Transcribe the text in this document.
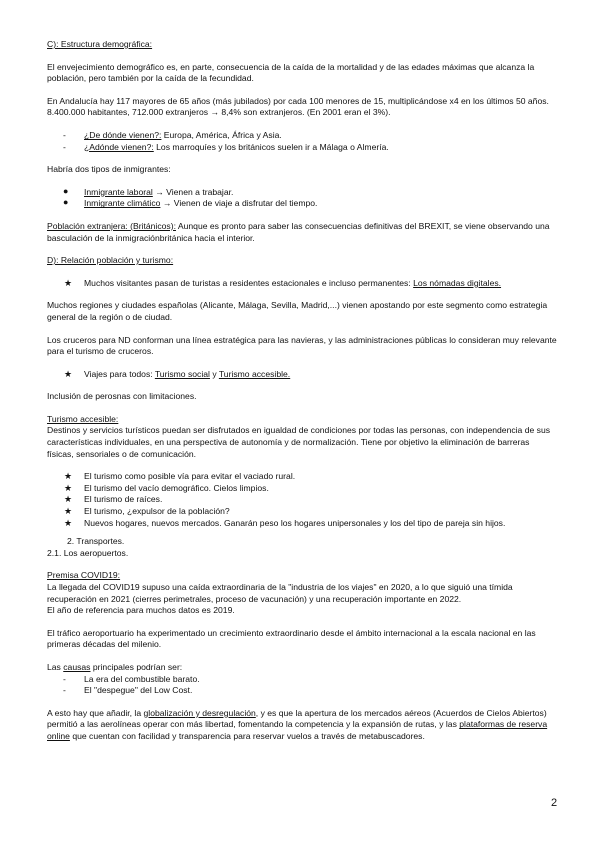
C): Estructura demográfica:

El envejecimiento demográfico es, en parte, consecuencia de la caída de la mortalidad y de las edades máximas que alcanza la población, pero también por la caída de la fecundidad.

En Andalucía hay 117 mayores de 65 años (más jubilados) por cada 100 menores de 15, multiplicándose x4 en los últimos 50 años.

8.400.000 habitantes, 712.000 extranjeros → 8,4% son extranjeros. (En 2001 eran el 3%).

- ¿De dónde vienen?: Europa, América, África y Asia.
- ¿Adónde vienen?: Los marroquíes y los británicos suelen ir a Málaga o Almería.

Habría dos tipos de inmigrantes:

● Inmigrante laboral → Vienen a trabajar.
● Inmigrante climático → Vienen de viaje a disfrutar del tiempo.

Población extranjera: (Británicos): Aunque es pronto para saber las consecuencias definitivas del BREXIT, se viene observando una basculación de la inmigraciónbritánica hacia el interior.

D): Relación población y turismo:

★ Muchos visitantes pasan de turistas a residentes estacionales e incluso permanentes: Los nómadas digitales.

Muchos regiones y ciudades españolas (Alicante, Málaga, Sevilla, Madrid,...) vienen apostando por este segmento como estrategia general de la región o de ciudad.

Los cruceros para ND conforman una línea estratégica para las navieras, y las administraciones públicas lo consideran muy relevante para el turismo de cruceros.

★ Viajes para todos: Turismo social y Turismo accesible.

Inclusión de perosnas con limitaciones.

Turismo accesible:

Destinos y servicios turísticos puedan ser disfrutados en igualdad de condiciones por todas las personas, con independencia de sus características individuales, en una perspectiva de autonomía y de normalización. Tiene por objetivo la eliminación de barreras físicas, sensoriales o de comunicación.

★ El turismo como posible vía para evitar el vaciado rural.
★ El turismo del vacío demográfico. Cielos limpios.
★ El turismo de raíces.
★ El turismo, ¿expulsor de la población?
★ Nuevos hogares, nuevos mercados. Ganarán peso los hogares unipersonales y los del tipo de pareja sin hijos.

2. Transportes.

2.1. Los aeropuertos.

Premisa COVID19:

La llegada del COVID19 supuso una caída extraordinaria de la "industria de los viajes" en 2020, a lo que siguió una tímida recuperación en 2021 (cierres perimetrales, proceso de vacunación) y una recuperación importante en 2022.

El año de referencia para muchos datos es 2019.

El tráfico aeroportuario ha experimentado un crecimiento extraordinario desde el ámbito internacional a la escala nacional en las primeras décadas del milenio.

Las causas principales podrían ser:

- La era del combustible barato.
- El "despegue" del Low Cost.

A esto hay que añadir, la globalización y desregulación, y es que la apertura de los mercados aéreos (Acuerdos de Cielos Abiertos) permitió a las aerolíneas operar con más libertad, fomentando la competencia y la expansión de rutas, y las plataformas de reserva online que cuentan con facilidad y transparencia para reservar vuelos a través de metabuscadores.

2
